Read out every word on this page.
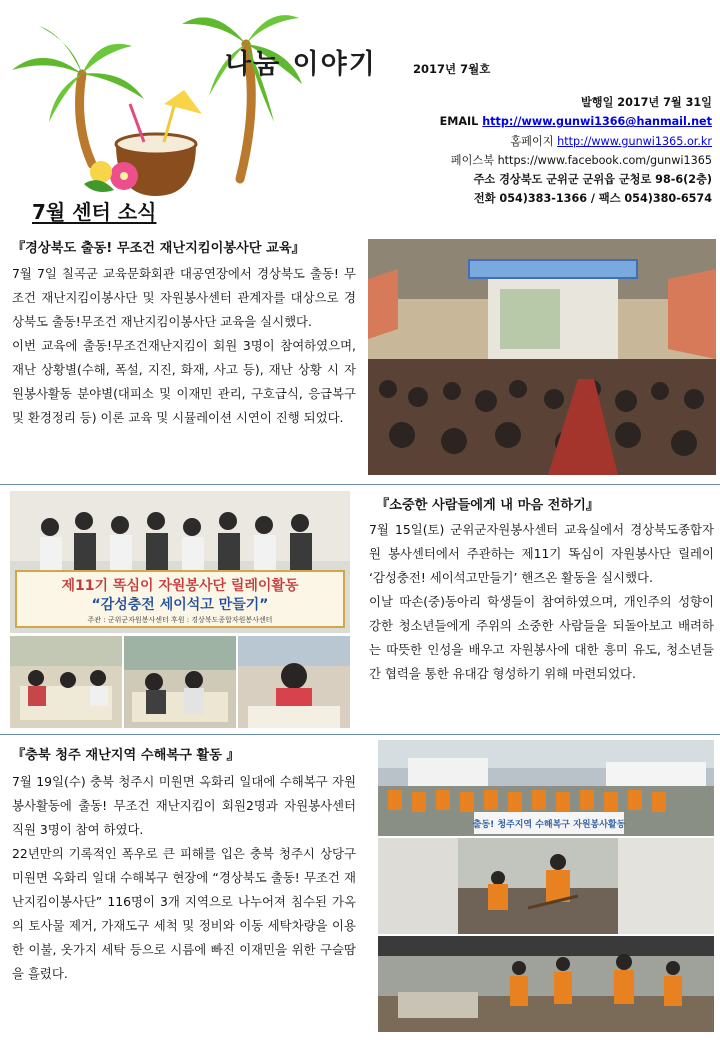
나눔 이야기	2017년 7월호
발행일 2017년 7월 31일
EMAIL http://www.gunwi1366@hanmail.net
홈페이지 http://www.gunwi1365.or.kr
페이스북 https://www.facebook.com/gunwi1365
주소 경상북도 군위군 군위읍 군청로 98-6(2층)
전화 054)383-1366 / 팩스 054)380-6574
7월 센터 소식
『경상북도 출동! 무조건 재난지킴이봉사단 교육』

7월 7일 칠곡군 교육문화회관 대공연장에서 경상북도 출동! 무조건 재난지킴이봉사단 및 자원봉사센터 관계자를 대상으로 경상북도 출동!무조건 재난지킴이봉사단 교육을 실시했다.

이번 교육에 출동!무조건재난지킴이 회원 3명이 참여하였으며, 재난 상황별(수해, 폭설, 지진, 화재, 사고 등), 재난 상황 시 자원봉사활동 분야별(대피소 및 이재민 관리, 구호급식, 응급복구 및 환경정리 등) 이론 교육 및 시뮬레이션 시연이 진행 되었다.

제11기 똑심이 자원봉사단 릴레이활동
“감성충전 세이석고 만들기”
주관 : 군위군자원봉사센터 후원 : 경상북도종합자원봉사센터
『소중한 사람들에게 내 마음 전하기』

7월 15일(토) 군위군자원봉사센터 교육실에서 경상북도종합자원 봉사센터에서 주관하는 제11기 똑심이 자원봉사단 릴레이 ‘감성충전! 세이석고만들기’ 핸즈온 활동을 실시했다.

이날 따손(중)동아리 학생들이 참여하였으며, 개인주의 성향이 강한 청소년들에게 주위의 소중한 사람들을 되돌아보고 배려하는 따뜻한 인성을 배우고 자원봉사에 대한 흥미 유도, 청소년들간 협력을 통한 유대감 형성하기 위해 마련되었다.

『충북 청주 재난지역 수해복구 활동 』

7월 19일(수) 충북 청주시 미원면 옥화리 일대에 수해복구 자원봉사활동에 출동! 무조건 재난지킴이 회원2명과 자원봉사센터 직원 3명이 참여 하였다.

22년만의 기록적인 폭우로 큰 피해를 입은 충북 청주시 상당구 미원면 옥화리 일대 수해복구 현장에 “경상북도 출동! 무조건 재난지킴이봉사단” 116명이 3개 지역으로 나누어져 침수된 가옥의 토사물 제거, 가재도구 세척 및 정비와 이동 세탁차량을 이용한 이불, 옷가지 세탁 등으로 시름에 빠진 이재민을 위한 구슬땀을 흘렸다.

출동! 청주지역 수해복구 자원봉사활동
